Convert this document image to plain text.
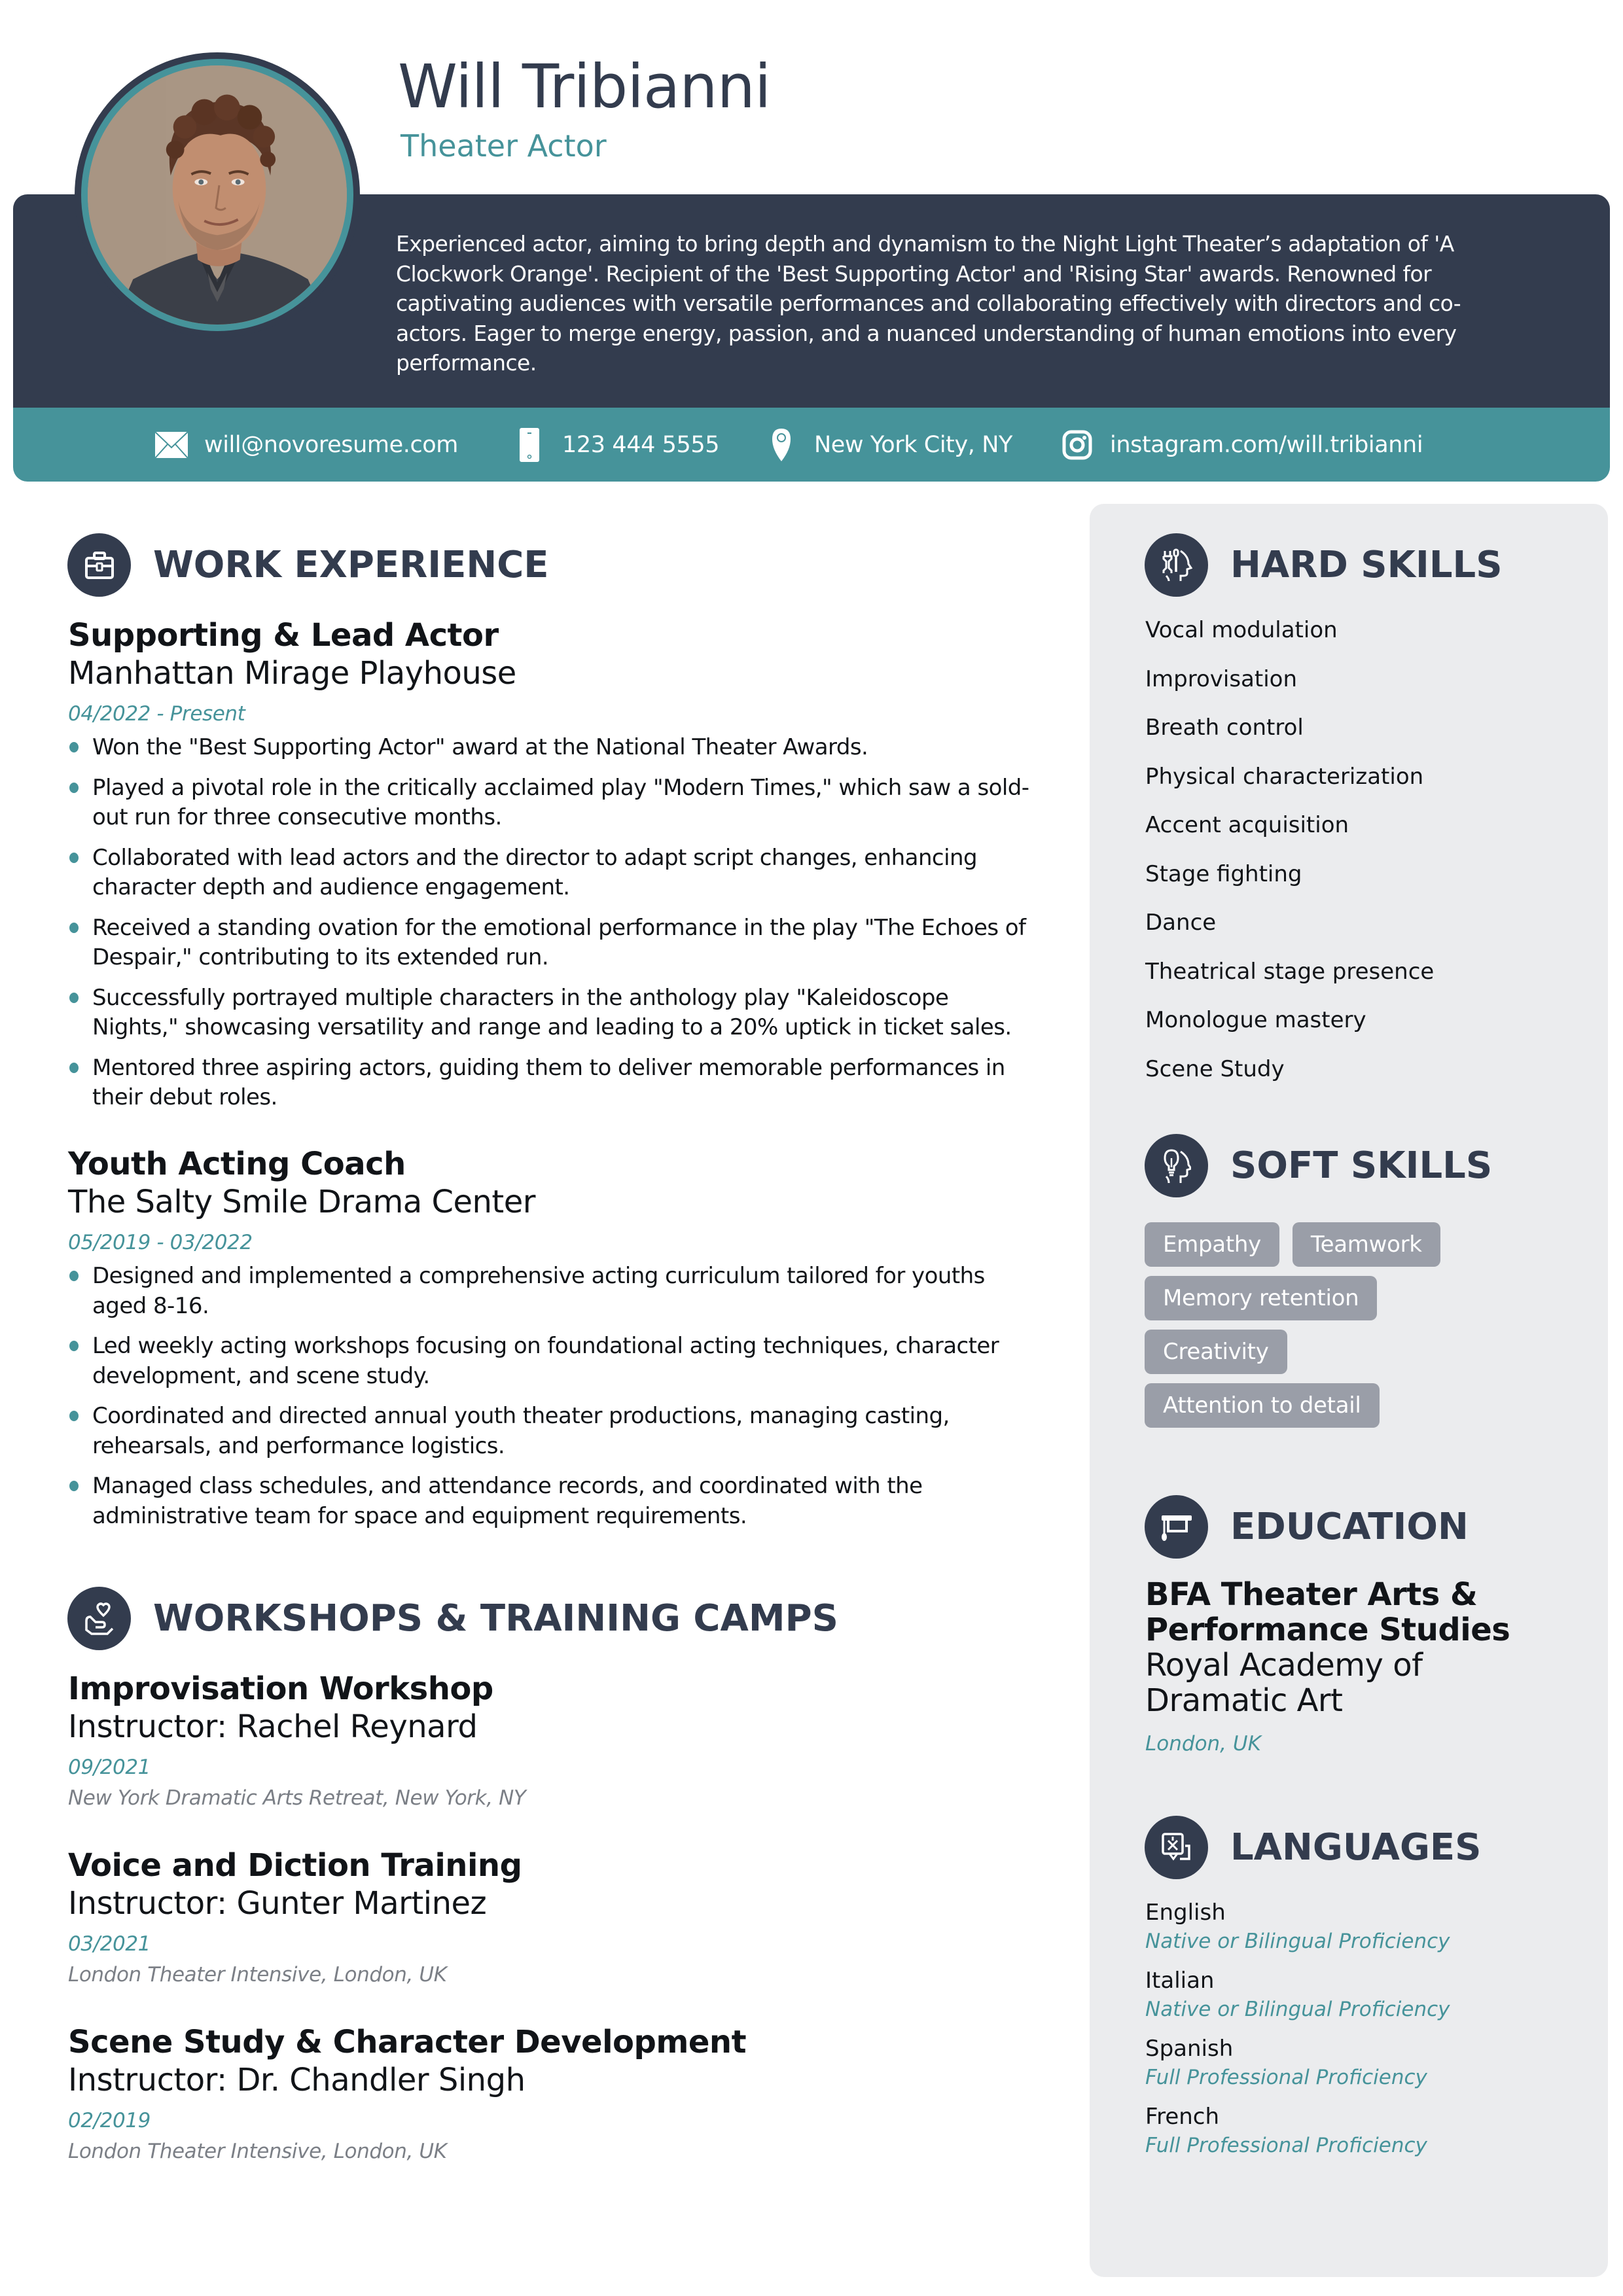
Experienced actor, aiming to bring depth and dynamism to the Night Light Theater’s adaptation of 'A Clockwork Orange'. Recipient of the 'Best Supporting Actor' and 'Rising Star' awards. Renowned for captivating audiences with versatile performances and collaborating effectively with directors and co-actors. Eager to merge energy, passion, and a nuanced understanding of human emotions into every performance.
Will Tribianni
Theater Actor
will@novoresume.com	123 444 5555	New York City, NY	instagram.com/will.tribianni
WORK EXPERIENCE
Supporting & Lead Actor
Manhattan Mirage Playhouse
04/2022 - Present
Won the "Best Supporting Actor" award at the National Theater Awards.
Played a pivotal role in the critically acclaimed play "Modern Times," which saw a sold-out run for three consecutive months.
Collaborated with lead actors and the director to adapt script changes, enhancing character depth and audience engagement.
Received a standing ovation for the emotional performance in the play "The Echoes of Despair," contributing to its extended run.
Successfully portrayed multiple characters in the anthology play "Kaleidoscope Nights," showcasing versatility and range and leading to a 20% uptick in ticket sales.
Mentored three aspiring actors, guiding them to deliver memorable performances in their debut roles.
Youth Acting Coach
The Salty Smile Drama Center
05/2019 - 03/2022
Designed and implemented a comprehensive acting curriculum tailored for youths aged 8-16.
Led weekly acting workshops focusing on foundational acting techniques, character development, and scene study.
Coordinated and directed annual youth theater productions, managing casting, rehearsals, and performance logistics.
Managed class schedules, and attendance records, and coordinated with the administrative team for space and equipment requirements.
WORKSHOPS & TRAINING CAMPS
Improvisation Workshop
Instructor: Rachel Reynard
09/2021
New York Dramatic Arts Retreat, New York, NY
Voice and Diction Training
Instructor: Gunter Martinez
03/2021
London Theater Intensive, London, UK
Scene Study & Character Development
Instructor: Dr. Chandler Singh
02/2019
London Theater Intensive, London, UK
HARD SKILLS
Vocal modulation
Improvisation
Breath control
Physical characterization
Accent acquisition
Stage fighting
Dance
Theatrical stage presence
Monologue mastery
Scene Study
SOFT SKILLS
Empathy	Teamwork
Memory retention
Creativity
Attention to detail
EDUCATION
BFA Theater Arts & Performance Studies
Royal Academy of Dramatic Art
London, UK
LANGUAGES
English
Native or Bilingual Proficiency
Italian
Native or Bilingual Proficiency
Spanish
Full Professional Proficiency
French
Full Professional Proficiency
